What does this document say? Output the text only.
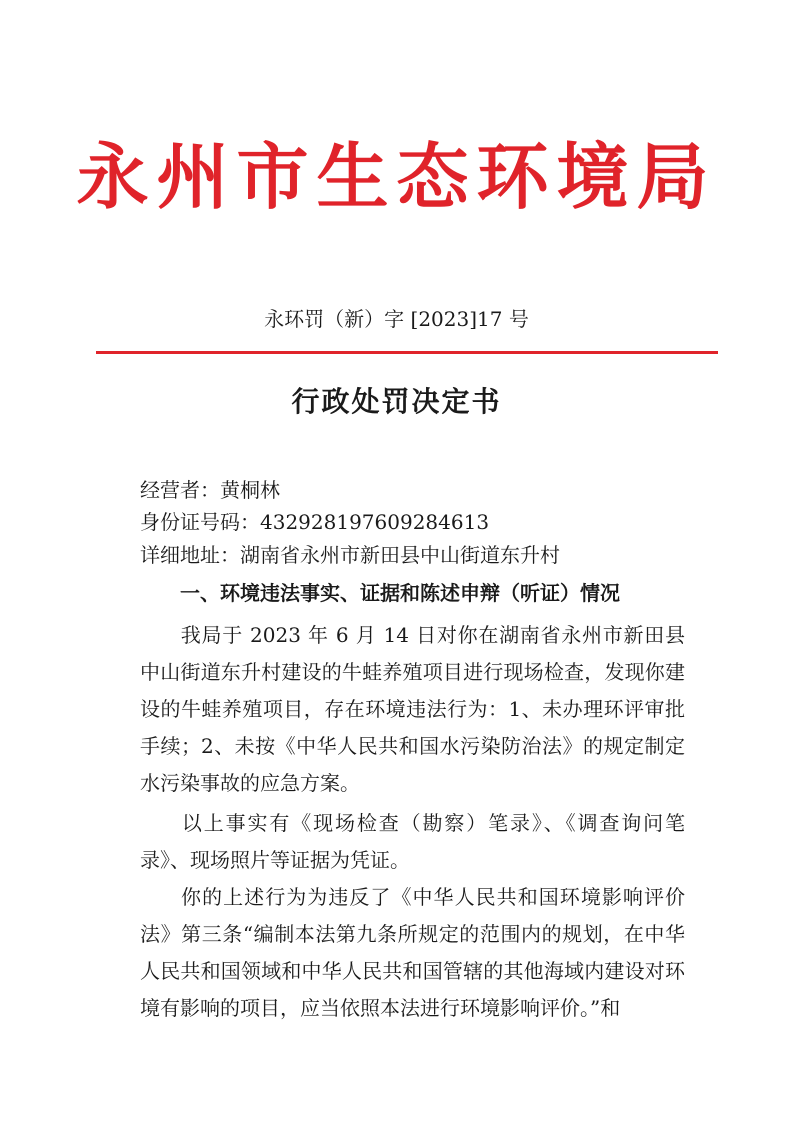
永州市生态环境局
永环罚（新）字 [2023]17 号
行政处罚决定书
经营者：黄桐林
身份证号码：432928197609284613
详细地址：湖南省永州市新田县中山街道东升村
一、环境违法事实、证据和陈述申辩（听证）情况
我局于 2023 年 6 月 14 日对你在湖南省永州市新田县中山街道东升村建设的牛蛙养殖项目进行现场检查，发现你建设的牛蛙养殖项目，存在环境违法行为：1、未办理环评审批手续；2、未按《中华人民共和国水污染防治法》的规定制定水污染事故的应急方案。
以上事实有《现场检查（勘察）笔录》、《调查询问笔录》、现场照片等证据为凭证。
你的上述行为为违反了《中华人民共和国环境影响评价法》第三条“编制本法第九条所规定的范围内的规划，在中华人民共和国领域和中华人民共和国管辖的其他海域内建设对环境有影响的项目，应当依照本法进行环境影响评价。”和
